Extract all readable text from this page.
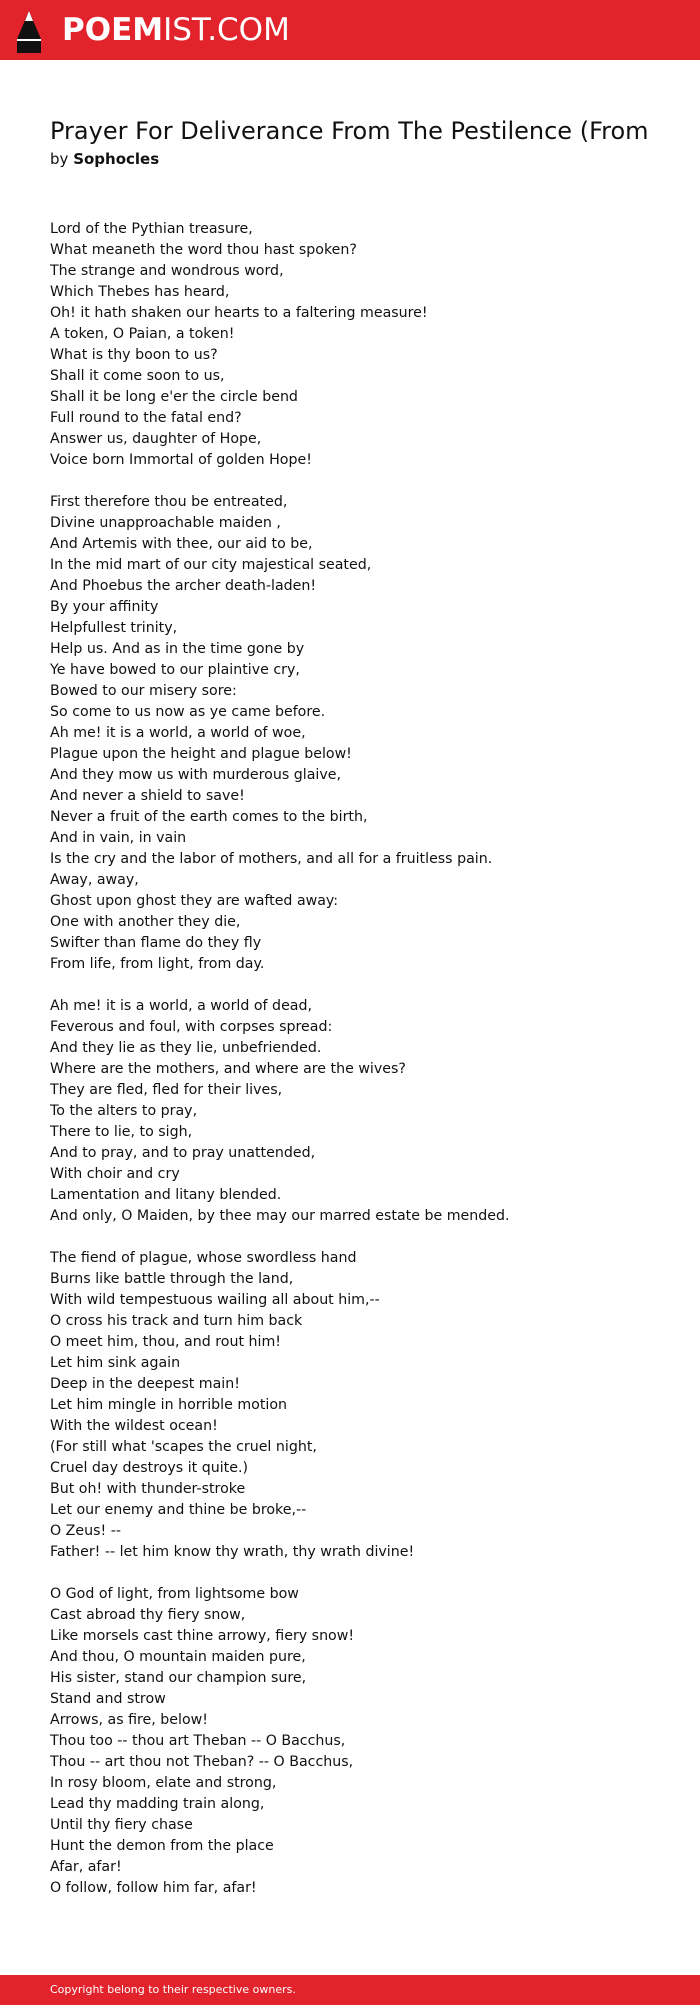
POEMIST.COM
Prayer For Deliverance From The Pestilence (From
by Sophocles
Lord of the Pythian treasure,
What meaneth the word thou hast spoken?
The strange and wondrous word,
Which Thebes has heard,
Oh! it hath shaken our hearts to a faltering measure!
A token, O Paian, a token!
What is thy boon to us?
Shall it come soon to us,
Shall it be long e'er the circle bend
Full round to the fatal end?
Answer us, daughter of Hope,
Voice born Immortal of golden Hope!
First therefore thou be entreated,
Divine unapproachable maiden ,
And Artemis with thee, our aid to be,
In the mid mart of our city majestical seated,
And Phoebus the archer death-laden!
By your affinity
Helpfullest trinity,
Help us. And as in the time gone by
Ye have bowed to our plaintive cry,
Bowed to our misery sore:
So come to us now as ye came before.
Ah me! it is a world, a world of woe,
Plague upon the height and plague below!
And they mow us with murderous glaive,
And never a shield to save!
Never a fruit of the earth comes to the birth,
And in vain, in vain
Is the cry and the labor of mothers, and all for a fruitless pain.
Away, away,
Ghost upon ghost they are wafted away:
One with another they die,
Swifter than flame do they fly
From life, from light, from day.
Ah me! it is a world, a world of dead,
Feverous and foul, with corpses spread:
And they lie as they lie, unbefriended.
Where are the mothers, and where are the wives?
They are fled, fled for their lives,
To the alters to pray,
There to lie, to sigh,
And to pray, and to pray unattended,
With choir and cry
Lamentation and litany blended.
And only, O Maiden, by thee may our marred estate be mended.
The fiend of plague, whose swordless hand
Burns like battle through the land,
With wild tempestuous wailing all about him,--
O cross his track and turn him back
O meet him, thou, and rout him!
Let him sink again
Deep in the deepest main!
Let him mingle in horrible motion
With the wildest ocean!
(For still what 'scapes the cruel night,
Cruel day destroys it quite.)
But oh! with thunder-stroke
Let our enemy and thine be broke,--
O Zeus! --
Father! -- let him know thy wrath, thy wrath divine!
O God of light, from lightsome bow
Cast abroad thy fiery snow,
Like morsels cast thine arrowy, fiery snow!
And thou, O mountain maiden pure,
His sister, stand our champion sure,
Stand and strow
Arrows, as fire, below!
Thou too -- thou art Theban -- O Bacchus,
Thou -- art thou not Theban? -- O Bacchus,
In rosy bloom, elate and strong,
Lead thy madding train along,
Until thy fiery chase
Hunt the demon from the place
Afar, afar!
O follow, follow him far, afar!
Copyright belong to their respective owners.
